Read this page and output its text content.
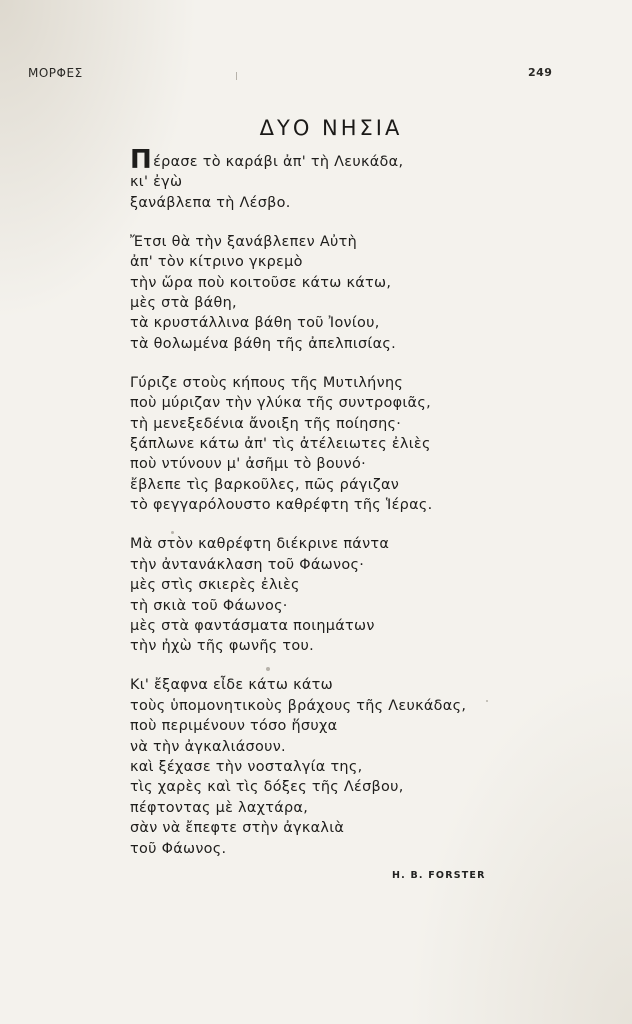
ΜΟΡΦΕΣ	249
ΔΥΟ ΝΗΣΙΑ
Πέρασε τὸ καράβι ἀπ' τὴ Λευκάδα,
κι' ἐγὼ
ξανάβλεπα τὴ Λέσβο.
Ἔτσι θὰ τὴν ξανάβλεπεν Αὐτὴ
ἀπ' τὸν κίτρινο γκρεμὸ
τὴν ὥρα ποὺ κοιτοῦσε κάτω κάτω,
μὲς στὰ βάθη,
τὰ κρυστάλλινα βάθη τοῦ Ἰονίου,
τὰ θολωμένα βάθη τῆς ἀπελπισίας.
Γύριζε στοὺς κήπους τῆς Μυτιλήνης
ποὺ μύριζαν τὴν γλύκα τῆς συντροφιᾶς,
τὴ μενεξεδένια ἄνοιξη τῆς ποίησης·
ξάπλωνε κάτω ἀπ' τὶς ἀτέλειωτες ἐλιὲς
ποὺ ντύνουν μ' ἀσῆμι τὸ βουνό·
ἔβλεπε τὶς βαρκοῦλες, πῶς ράγιζαν
τὸ φεγγαρόλουστο καθρέφτη τῆς Ἱέρας.
Μὰ στὸν καθρέφτη διέκρινε πάντα
τὴν ἀντανάκλαση τοῦ Φάωνος·
μὲς στὶς σκιερὲς ἐλιὲς
τὴ σκιὰ τοῦ Φάωνος·
μὲς στὰ φαντάσματα ποιημάτων
τὴν ἠχὼ τῆς φωνῆς του.
Κι' ἔξαφνα εἶδε κάτω κάτω
τοὺς ὑπομονητικοὺς βράχους τῆς Λευκάδας,
ποὺ περιμένουν τόσο ἥσυχα
νὰ τὴν ἀγκαλιάσουν.
καὶ ξέχασε τὴν νοσταλγία της,
τὶς χαρὲς καὶ τὶς δόξες τῆς Λέσβου,
πέφτοντας μὲ λαχτάρα,
σὰν νὰ ἔπεφτε στὴν ἀγκαλιὰ
τοῦ Φάωνος.
H. B. FORSTER
